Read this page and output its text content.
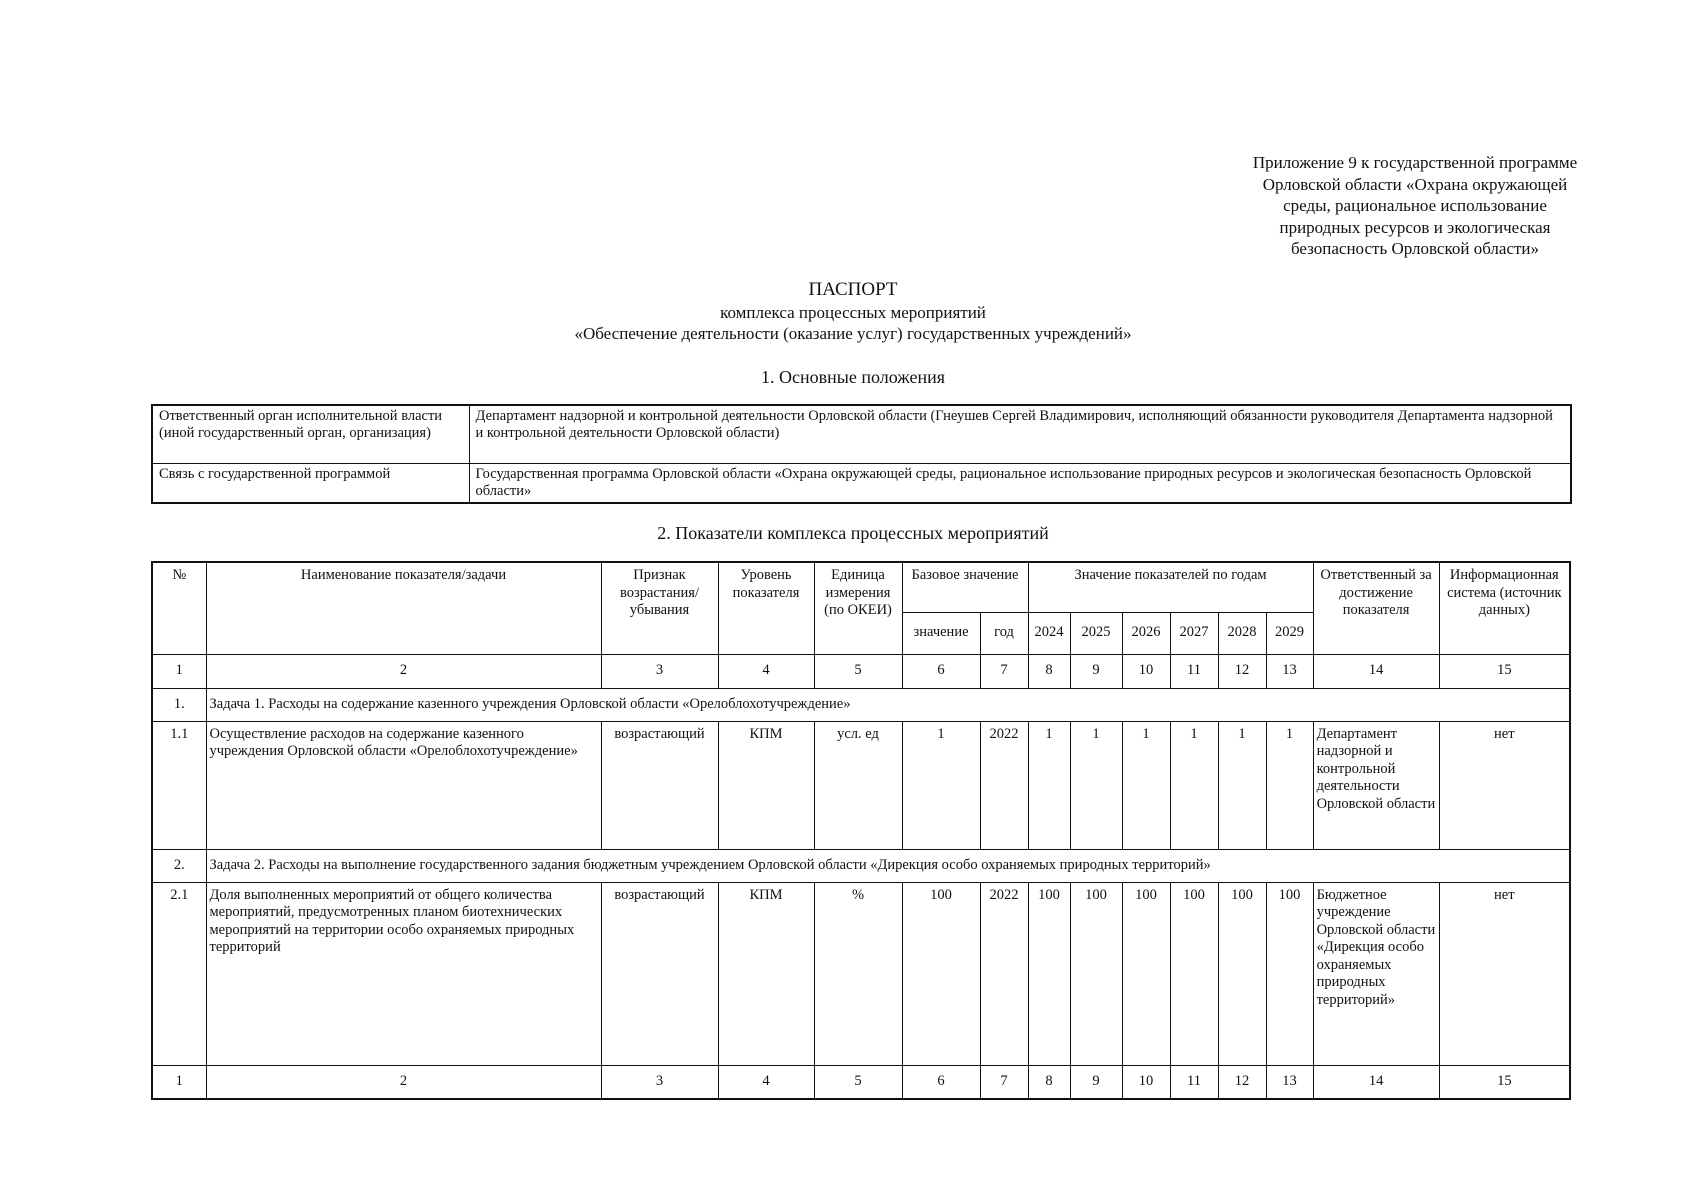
Приложение 9 к государственной программе
Орловской области «Охрана окружающей
среды, рациональное использование
природных ресурсов и экологическая
безопасность Орловской области»
ПАСПОРТ
комплекса процессных мероприятий
«Обеспечение деятельности (оказание услуг) государственных учреждений»
1. Основные положения
Ответственный орган исполнительной власти (иной государственный орган, организация)	Департамент надзорной и контрольной деятельности Орловской области (Гнеушев Сергей Владимирович, исполняющий обязанности руководителя Департамента надзорной и контрольной деятельности Орловской области)
Связь с государственной программой	Государственная программа Орловской области «Охрана окружающей среды, рациональное использование природных ресурсов и экологическая безопасность Орловской области»
2. Показатели комплекса процессных мероприятий
№	Наименование показателя/задачи	Признак возрастания/ убывания	Уровень показателя	Единица измерения (по ОКЕИ)	Базовое значение		Значение показателей по годам						Ответственный за достижение показателя	Информационная система (источник данных)
					значение	год	2024	2025	2026	2027	2028	2029		
1	2	3	4	5	6	7	8	9	10	11	12	13	14	15
1.	Задача 1. Расходы на содержание казенного учреждения Орловской области «Орелоблохотучреждение»													
1.1	Осуществление расходов на содержание казенного учреждения Орловской области «Орелоблохотучреждение»	возрастающий	КПМ	усл. ед	1	2022	1	1	1	1	1	1	Департамент надзорной и контрольной деятельности Орловской области	нет
2.	Задача 2. Расходы на выполнение государственного задания бюджетным учреждением Орловской области «Дирекция особо охраняемых природных территорий»													
2.1	Доля выполненных мероприятий от общего количества мероприятий, предусмотренных планом биотехнических мероприятий на территории особо охраняемых природных территорий	возрастающий	КПМ	%	100	2022	100	100	100	100	100	100	Бюджетное учреждение Орловской области «Дирекция особо охраняемых природных территорий»	нет
1	2	3	4	5	6	7	8	9	10	11	12	13	14	15
